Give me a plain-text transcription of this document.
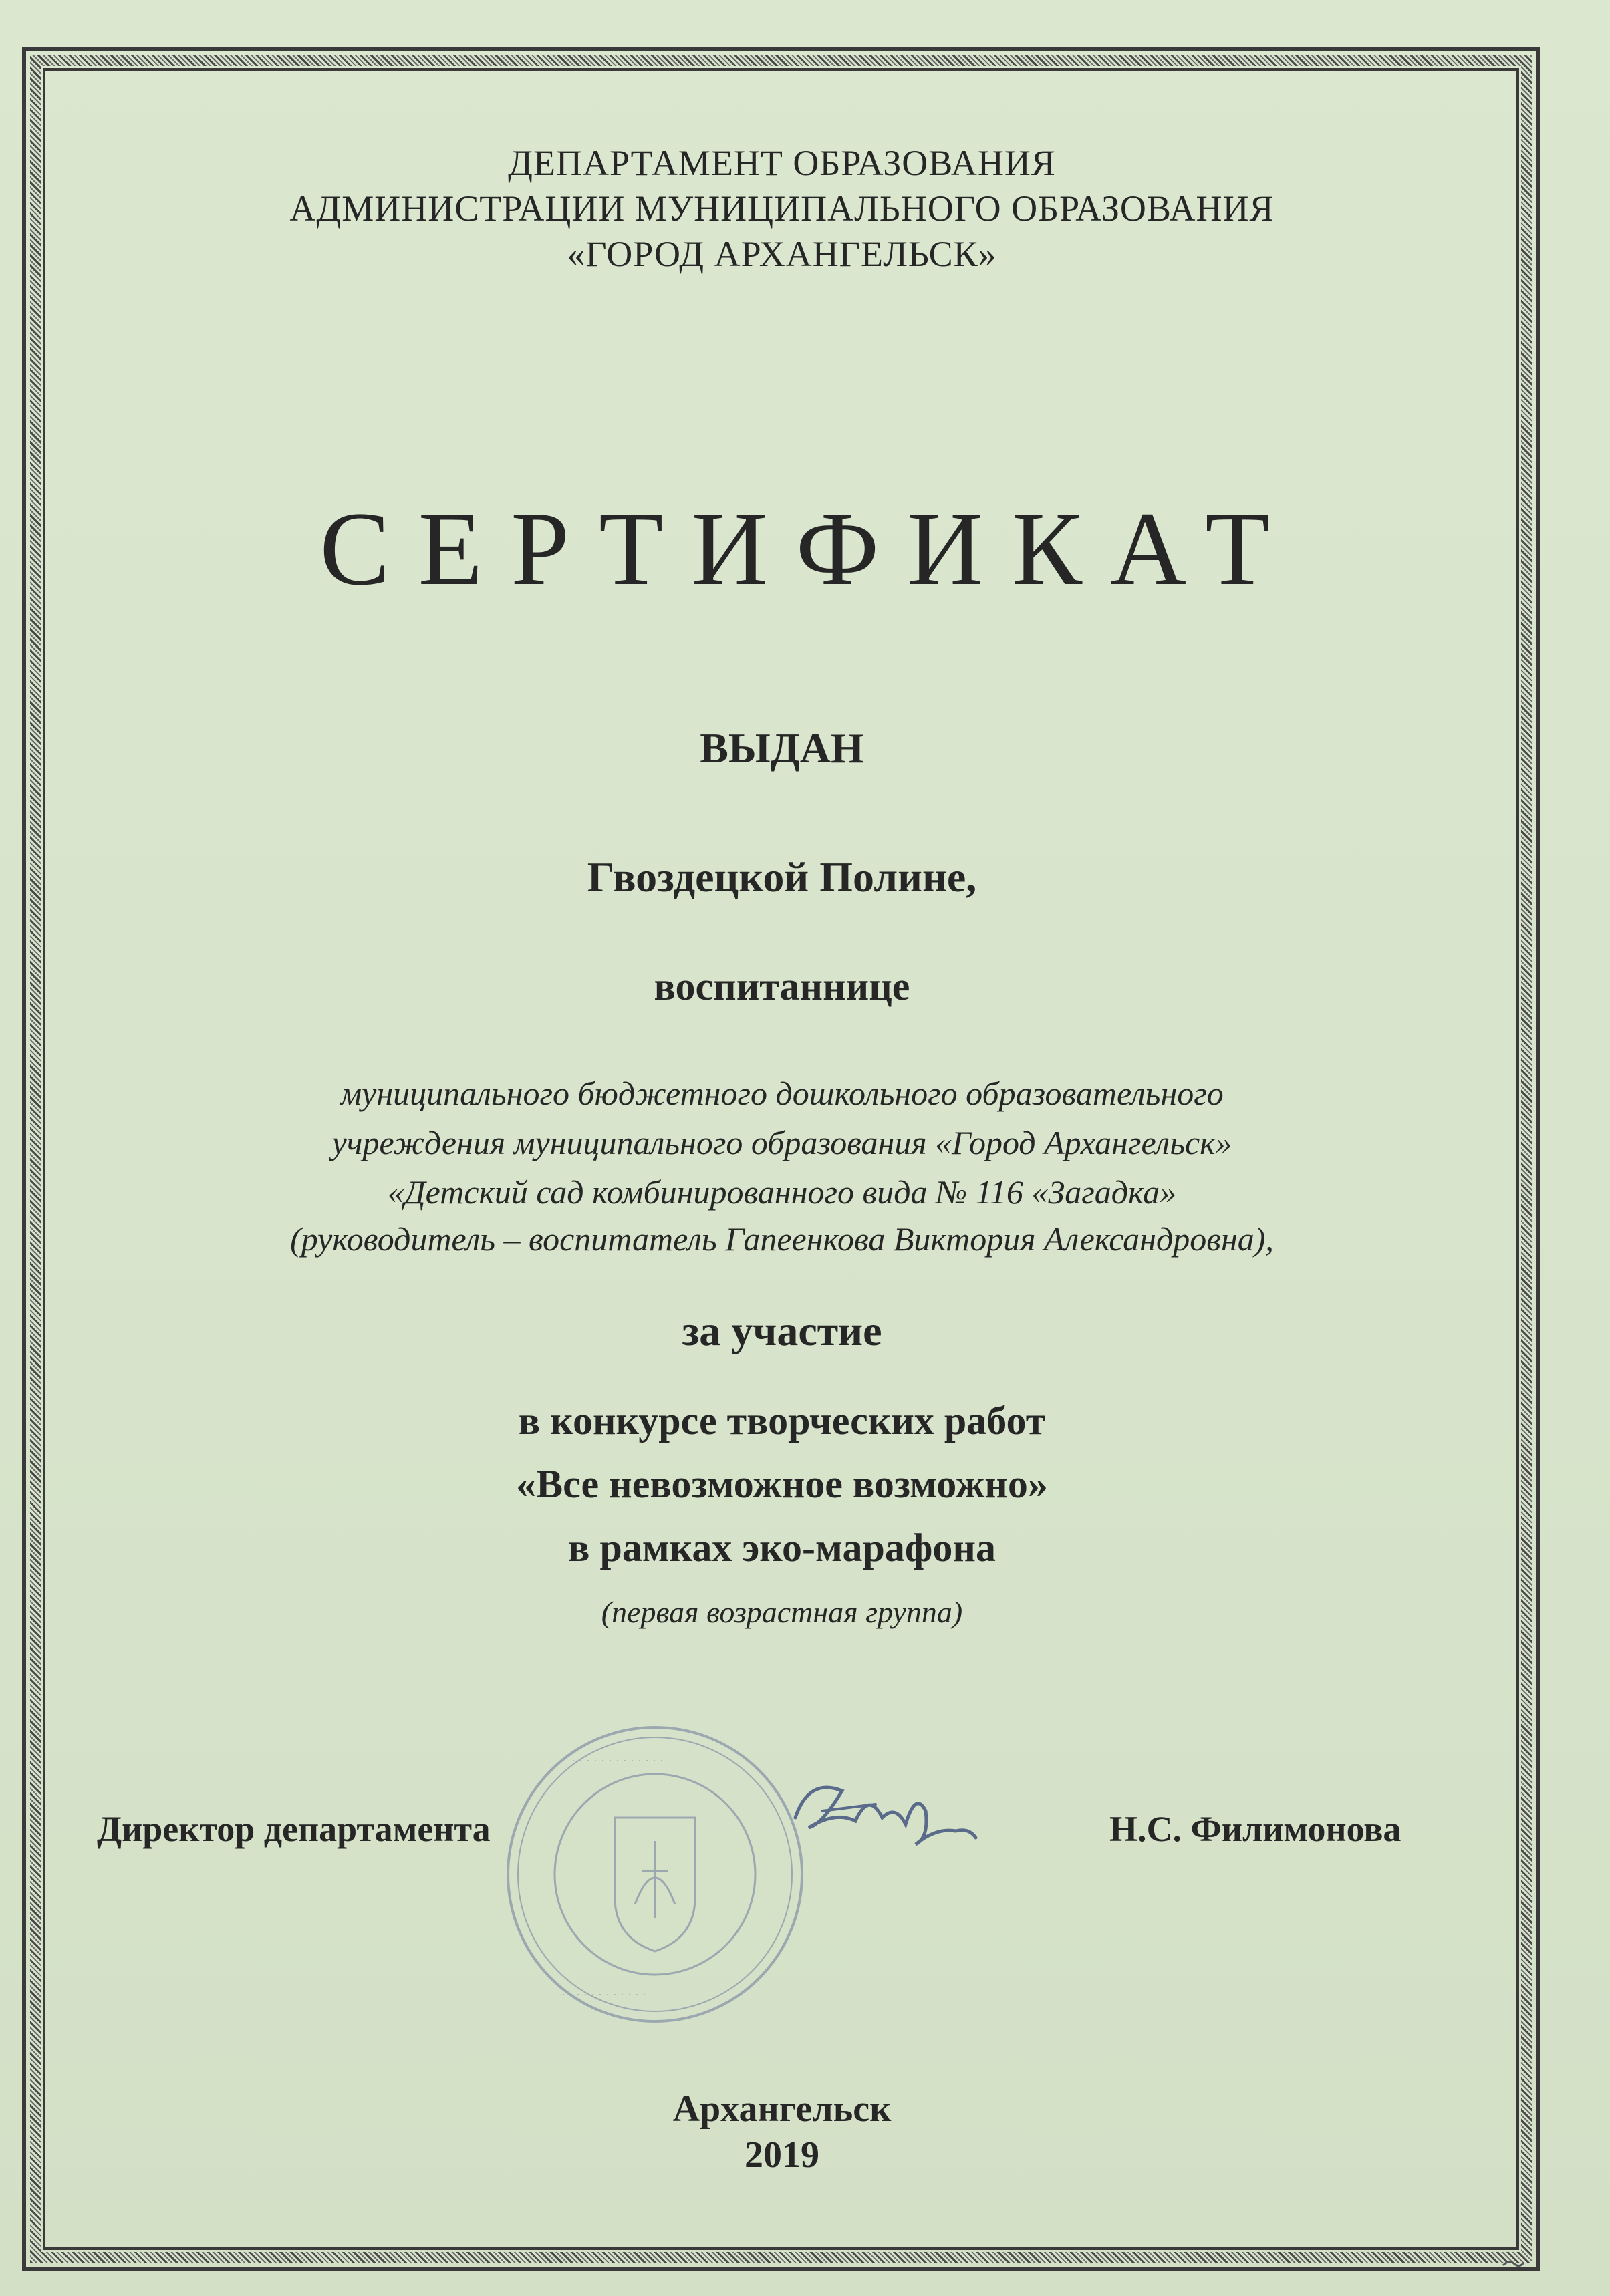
ДЕПАРТАМЕНТ ОБРАЗОВАНИЯ
АДМИНИСТРАЦИИ МУНИЦИПАЛЬНОГО ОБРАЗОВАНИЯ
«ГОРОД АРХАНГЕЛЬСК»
СЕРТИФИКАТ
ВЫДАН
Гвоздецкой Полине,
воспитаннице
муниципального бюджетного дошкольного образовательного
учреждения муниципального образования «Город Архангельск»
«Детский сад комбинированного вида № 116 «Загадка»
(руководитель – воспитатель Гапеенкова Виктория Александровна),
за участие
в конкурсе творческих работ
«Все невозможное возможно»
в рамках эко-марафона
(первая возрастная группа)
· · · · · · · · · · · · ·
· · · · · · · · · · · ·
Директор департамента	Н.С. Филимонова
Архангельск
2019
